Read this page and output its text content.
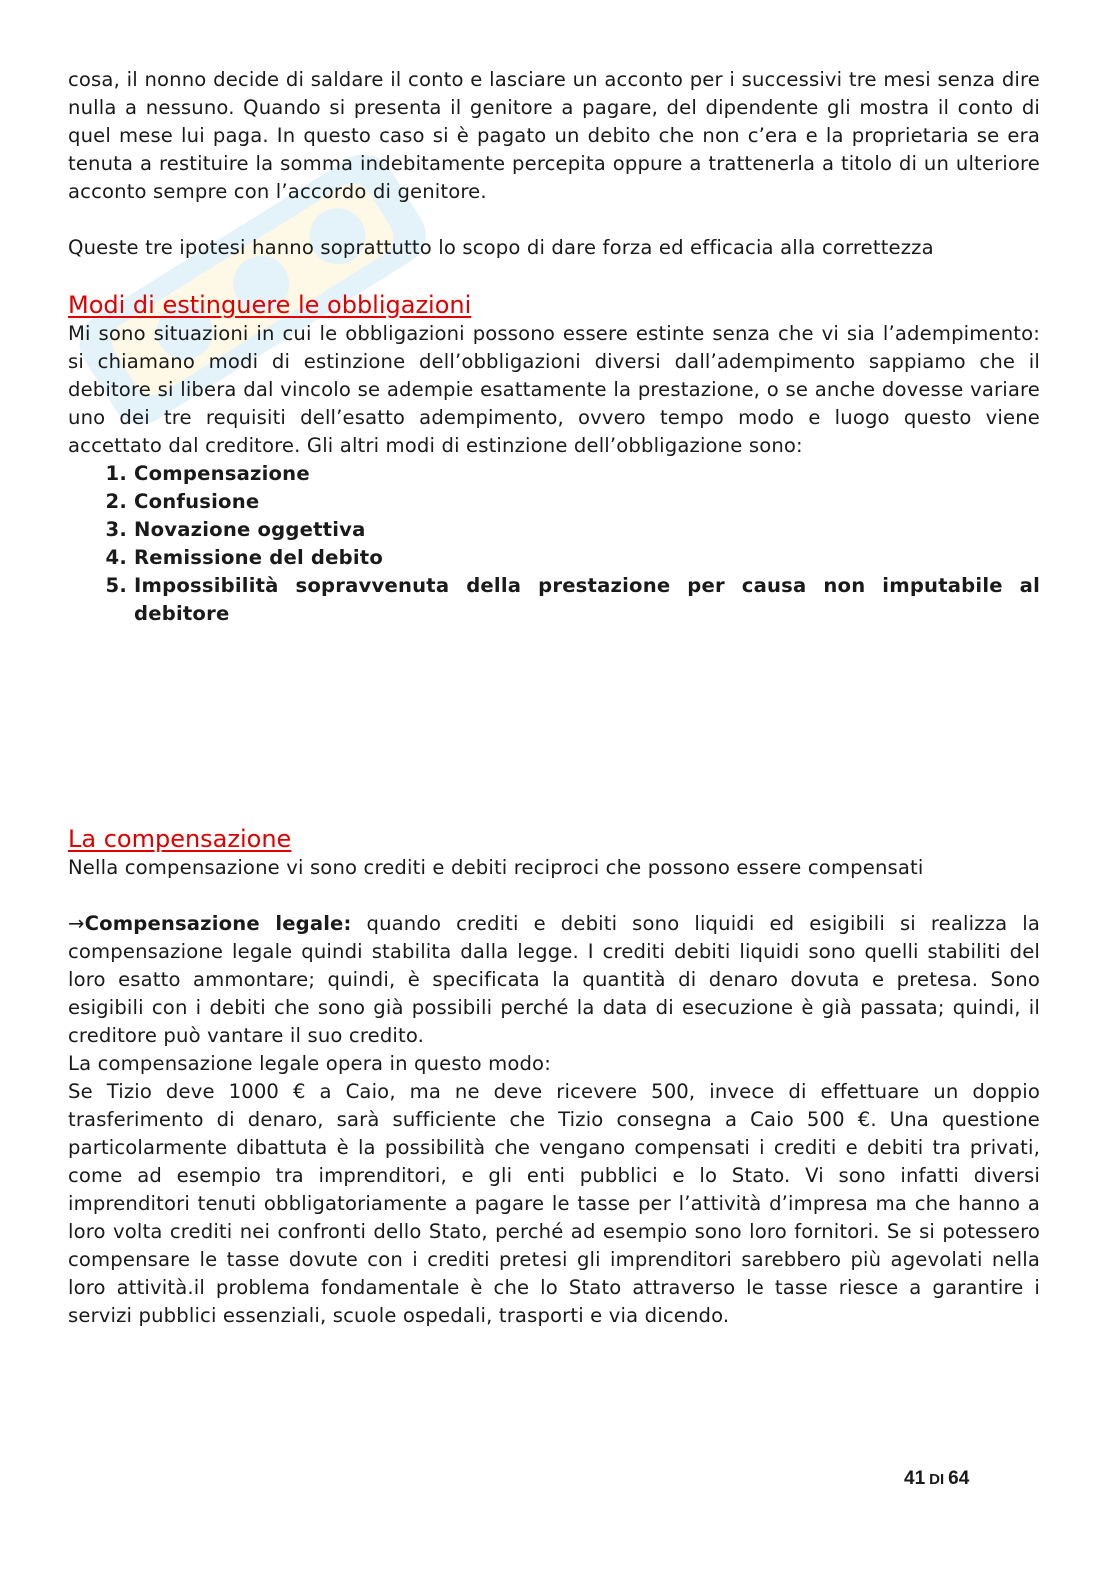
cosa, il nonno decide di saldare il conto e lasciare un acconto per i successivi tre mesi senza dire nulla a nessuno. Quando si presenta il genitore a pagare, del dipendente gli mostra il conto di quel mese lui paga. In questo caso si è pagato un debito che non c’era e la proprietaria se era tenuta a restituire la somma indebitamente percepita oppure a trattenerla a titolo di un ulteriore acconto sempre con l’accordo di genitore.

Queste tre ipotesi hanno soprattutto lo scopo di dare forza ed efficacia alla correttezza

Modi di estinguere le obbligazioni

Mi sono situazioni in cui le obbligazioni possono essere estinte senza che vi sia l’adempimento: si chiamano modi di estinzione dell’obbligazioni diversi dall’adempimento sappiamo che il debitore si libera dal vincolo se adempie esattamente la prestazione, o se anche dovesse variare uno dei tre requisiti dell’esatto adempimento, ovvero tempo modo e luogo questo viene accettato dal creditore. Gli altri modi di estinzione dell’obbligazione sono:

1. Compensazione
2. Confusione
3. Novazione oggettiva
4. Remissione del debito
5. Impossibilità sopravvenuta della prestazione per causa non imputabile al debitore
La compensazione

Nella compensazione vi sono crediti e debiti reciproci che possono essere compensati

→Compensazione legale: quando crediti e debiti sono liquidi ed esigibili si realizza la compensazione legale quindi stabilita dalla legge. I crediti debiti liquidi sono quelli stabiliti del loro esatto ammontare; quindi, è specificata la quantità di denaro dovuta e pretesa. Sono esigibili con i debiti che sono già possibili perché la data di esecuzione è già passata; quindi, il creditore può vantare il suo credito.

La compensazione legale opera in questo modo:

Se Tizio deve 1000 € a Caio, ma ne deve ricevere 500, invece di effettuare un doppio trasferimento di denaro, sarà sufficiente che Tizio consegna a Caio 500 €. Una questione particolarmente dibattuta è la possibilità che vengano compensati i crediti e debiti tra privati, come ad esempio tra imprenditori, e gli enti pubblici e lo Stato. Vi sono infatti diversi imprenditori tenuti obbligatoriamente a pagare le tasse per l’attività d’impresa ma che hanno a loro volta crediti nei confronti dello Stato, perché ad esempio sono loro fornitori. Se si potessero compensare le tasse dovute con i crediti pretesi gli imprenditori sarebbero più agevolati nella loro attività.il problema fondamentale è che lo Stato attraverso le tasse riesce a garantire i servizi pubblici essenziali, scuole ospedali, trasporti e via dicendo.

41 DI 64
